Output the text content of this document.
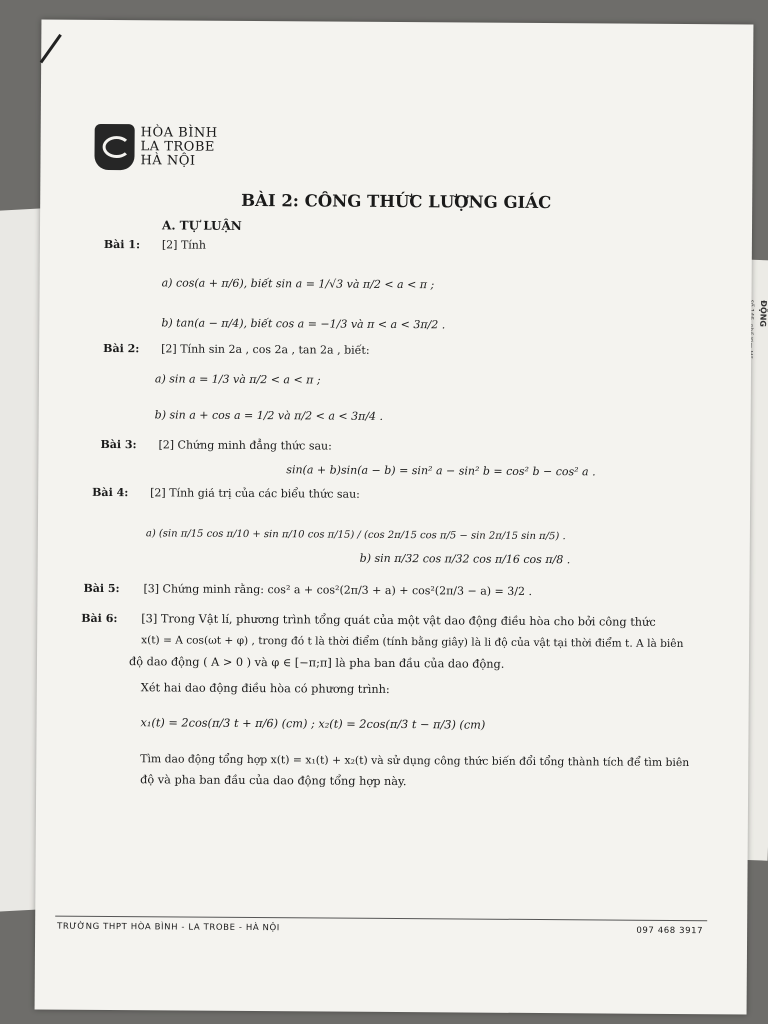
ĐỘNG
HÒA BÌNH
LA TROBE
HÀ NỘI
BÀI 2: CÔNG THỨC LƯỢNG GIÁC
A. TỰ LUẬN
Bài 1: [2] Tính
a) cos(a + π/6), biết sin a = 1/√3 và π/2 < a < π ;
b) tan(a − π/4), biết cos a = −1/3 và π < a < 3π/2 .
Bài 2: [2] Tính sin 2a , cos 2a , tan 2a , biết:
a) sin a = 1/3 và π/2 < a < π ;
b) sin a + cos a = 1/2 và π/2 < a < 3π/4 .
Bài 3: [2] Chứng minh đẳng thức sau:
sin(a + b)sin(a − b) = sin² a − sin² b = cos² b − cos² a .
Bài 4: [2] Tính giá trị của các biểu thức sau:
a) (sin π/15 cos π/10 + sin π/10 cos π/15) / (cos 2π/15 cos π/5 − sin 2π/15 sin π/5) .
b) sin π/32 cos π/32 cos π/16 cos π/8 .
Bài 5: [3] Chứng minh rằng: cos² a + cos²(2π/3 + a) + cos²(2π/3 − a) = 3/2 .
Bài 6: [3] Trong Vật lí, phương trình tổng quát của một vật dao động điều hòa cho bởi công thức
x(t) = A cos(ωt + φ) , trong đó t là thời điểm (tính bằng giây) là li độ của vật tại thời điểm t. A là biên
độ dao động ( A > 0 ) và φ ∈ [−π;π] là pha ban đầu của dao động.
Xét hai dao động điều hòa có phương trình:
x₁(t) = 2cos(π/3 t + π/6) (cm) ; x₂(t) = 2cos(π/3 t − π/3) (cm)
Tìm dao động tổng hợp x(t) = x₁(t) + x₂(t) và sử dụng công thức biến đổi tổng thành tích để tìm biên
độ và pha ban đầu của dao động tổng hợp này.
TRƯỜNG THPT HÒA BÌNH - LA TROBE - HÀ NỘI	097 468 3917
